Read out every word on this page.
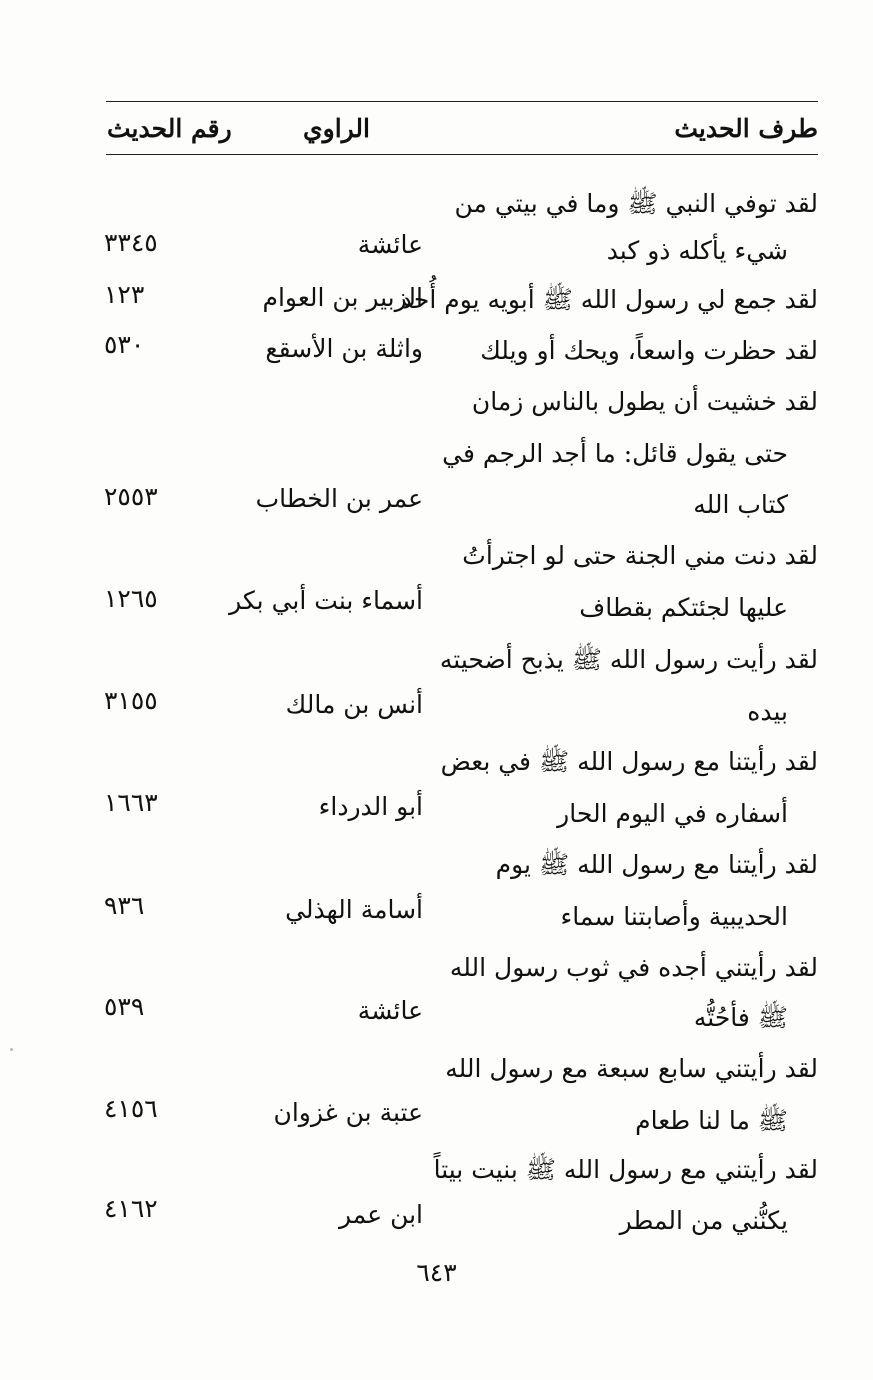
طرف الحديث
الراوي
رقم الحديث
لقد توفي النبي ﷺ وما في بيتي من
شيء يأكله ذو كبد
عائشة
٣٣٤٥
لقد جمع لي رسول الله ﷺ أبويه يوم أُحد
الزبير بن العوام
١٢٣
لقد حظرت واسعاً، ويحك أو ويلك
واثلة بن الأسقع
٥٣٠
لقد خشيت أن يطول بالناس زمان
حتى يقول قائل: ما أجد الرجم في
كتاب الله
عمر بن الخطاب
٢٥٥٣
لقد دنت مني الجنة حتى لو اجترأتُ
عليها لجئتكم بقطاف
أسماء بنت أبي بكر
١٢٦٥
لقد رأيت رسول الله ﷺ يذبح أضحيته
بيده
أنس بن مالك
٣١٥٥
لقد رأيتنا مع رسول الله ﷺ في بعض
أسفاره في اليوم الحار
أبو الدرداء
١٦٦٣
لقد رأيتنا مع رسول الله ﷺ يوم
الحديبية وأصابتنا سماء
أسامة الهذلي
٩٣٦
لقد رأيتني أجده في ثوب رسول الله
ﷺ فأحُتُّه
عائشة
٥٣٩
لقد رأيتني سابع سبعة مع رسول الله
ﷺ ما لنا طعام
عتبة بن غزوان
٤١٥٦
لقد رأيتني مع رسول الله ﷺ بنيت بيتاً
يكنُّني من المطر
ابن عمر
٤١٦٢
٦٤٣
